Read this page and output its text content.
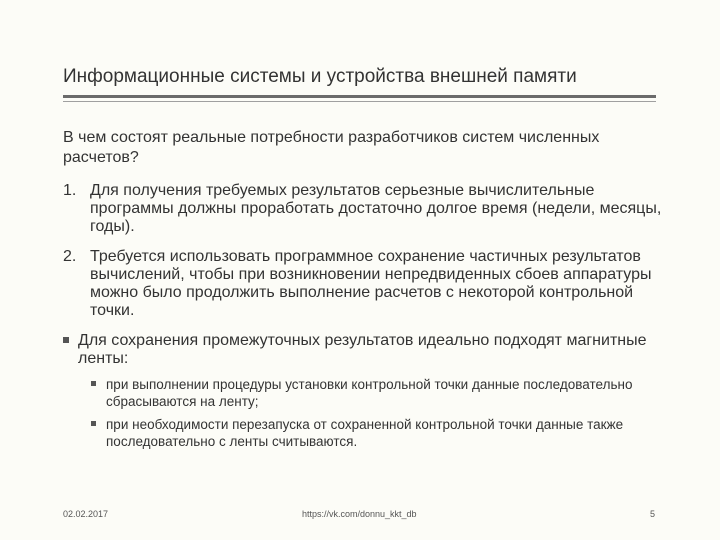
Информационные системы и устройства внешней памяти

В чем состоят реальные потребности разработчиков систем численных расчетов?

1. Для получения требуемых результатов серьезные вычислительные программы должны проработать достаточно долгое время (недели, месяцы, годы).
2. Требуется использовать программное сохранение частичных результатов вычислений, чтобы при возникновении непредвиденных сбоев аппаратуры можно было продолжить выполнение расчетов с некоторой контрольной точки.
Для сохранения промежуточных результатов идеально подходят магнитные ленты:
при выполнении процедуры установки контрольной точки данные последовательно сбрасываются на ленту;
при необходимости перезапуска от сохраненной контрольной точки данные также последовательно с ленты считываются.
02.02.2017	https://vk.com/donnu_kkt_db	5
